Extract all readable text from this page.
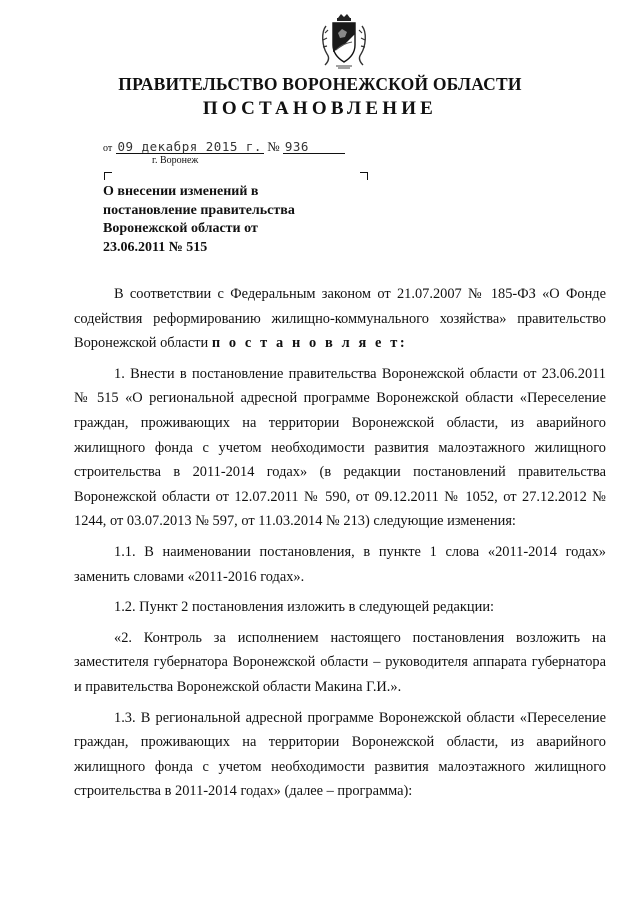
ПРАВИТЕЛЬСТВО ВОРОНЕЖСКОЙ ОБЛАСТИ
ПОСТАНОВЛЕНИЕ
от 09 декабря 2015 г. № 936
г. Воронеж
О внесении изменений в
постановление правительства
Воронежской области от
23.06.2011 № 515

В соответствии с Федеральным законом от 21.07.2007 № 185-ФЗ «О Фонде содействия реформированию жилищно-коммунального хозяйства» правительство Воронежской области п о с т а н о в л я е т:

1. Внести в постановление правительства Воронежской области от 23.06.2011 № 515 «О региональной адресной программе Воронежской области «Переселение граждан, проживающих на территории Воронежской области, из аварийного жилищного фонда с учетом необходимости развития малоэтажного жилищного строительства в 2011-2014 годах» (в редакции постановлений правительства Воронежской области от 12.07.2011 № 590, от 09.12.2011 № 1052, от 27.12.2012 № 1244, от 03.07.2013 № 597, от 11.03.2014 № 213) следующие изменения:

1.1. В наименовании постановления, в пункте 1 слова «2011-2014 годах» заменить словами «2011-2016 годах».

1.2. Пункт 2 постановления изложить в следующей редакции:

«2. Контроль за исполнением настоящего постановления возложить на заместителя губернатора Воронежской области – руководителя аппарата губернатора и правительства Воронежской области Макина Г.И.».

1.3. В региональной адресной программе Воронежской области «Переселение граждан, проживающих на территории Воронежской области, из аварийного жилищного фонда с учетом необходимости развития малоэтажного жилищного строительства в 2011-2014 годах» (далее – программа):
